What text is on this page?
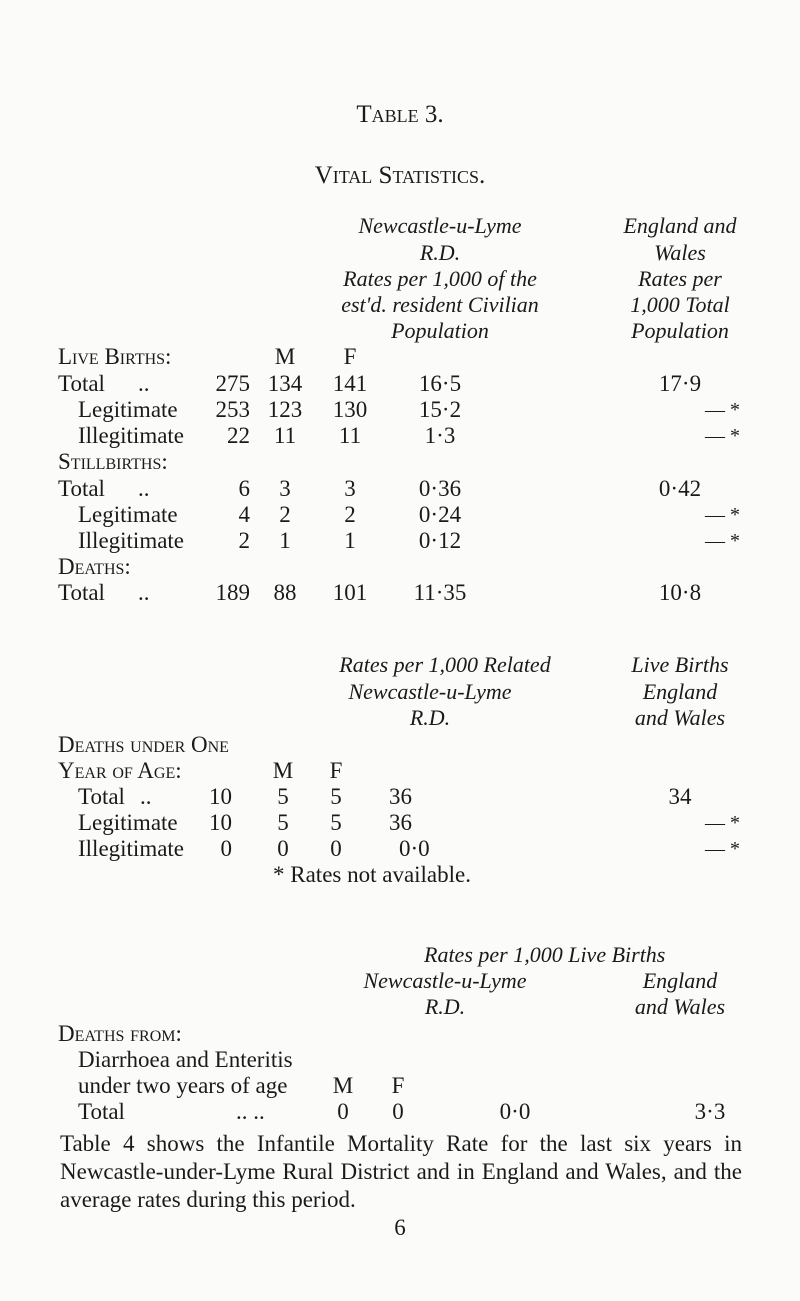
Table 3.
Vital Statistics.
Newcastle-u-Lyme
R.D.
Rates per 1,000 of the
est'd. resident Civilian
Population
England and
Wales
Rates per
1,000 Total
Population
Live Births:	M	F
Total ..	275 134	141	16·5	17·9
Legitimate	253 123	130	15·2	— *
Illegitimate	22	11	11	1·3	— *
Stillbirths:
Total ..	6	3	3	0·36	0·42
Legitimate	4	2	2	0·24	— *
Illegitimate	2	1	1	0·12	— *
Deaths:
Total ..	189	88	101	11·35	10·8
Rates per 1,000 Related
Newcastle-u-Lyme
R.D.
Live Births
England
and Wales
Deaths under One
Year of Age:	M	F
Total ..	10	5	5	36	34
Legitimate	10	5	5	36	— *
Illegitimate	0	0	0	0·0	— *
* Rates not available.
Rates per 1,000 Live Births
Newcastle-u-Lyme
R.D.
England
and Wales
Deaths from:
Diarrhoea and Enteritis
under two years of age	M	F
Total	.. ..	0	0	0·0	3·3
Table 4 shows the Infantile Mortality Rate for the last six years in Newcastle-under-Lyme Rural District and in England and Wales, and the average rates during this period.
6
